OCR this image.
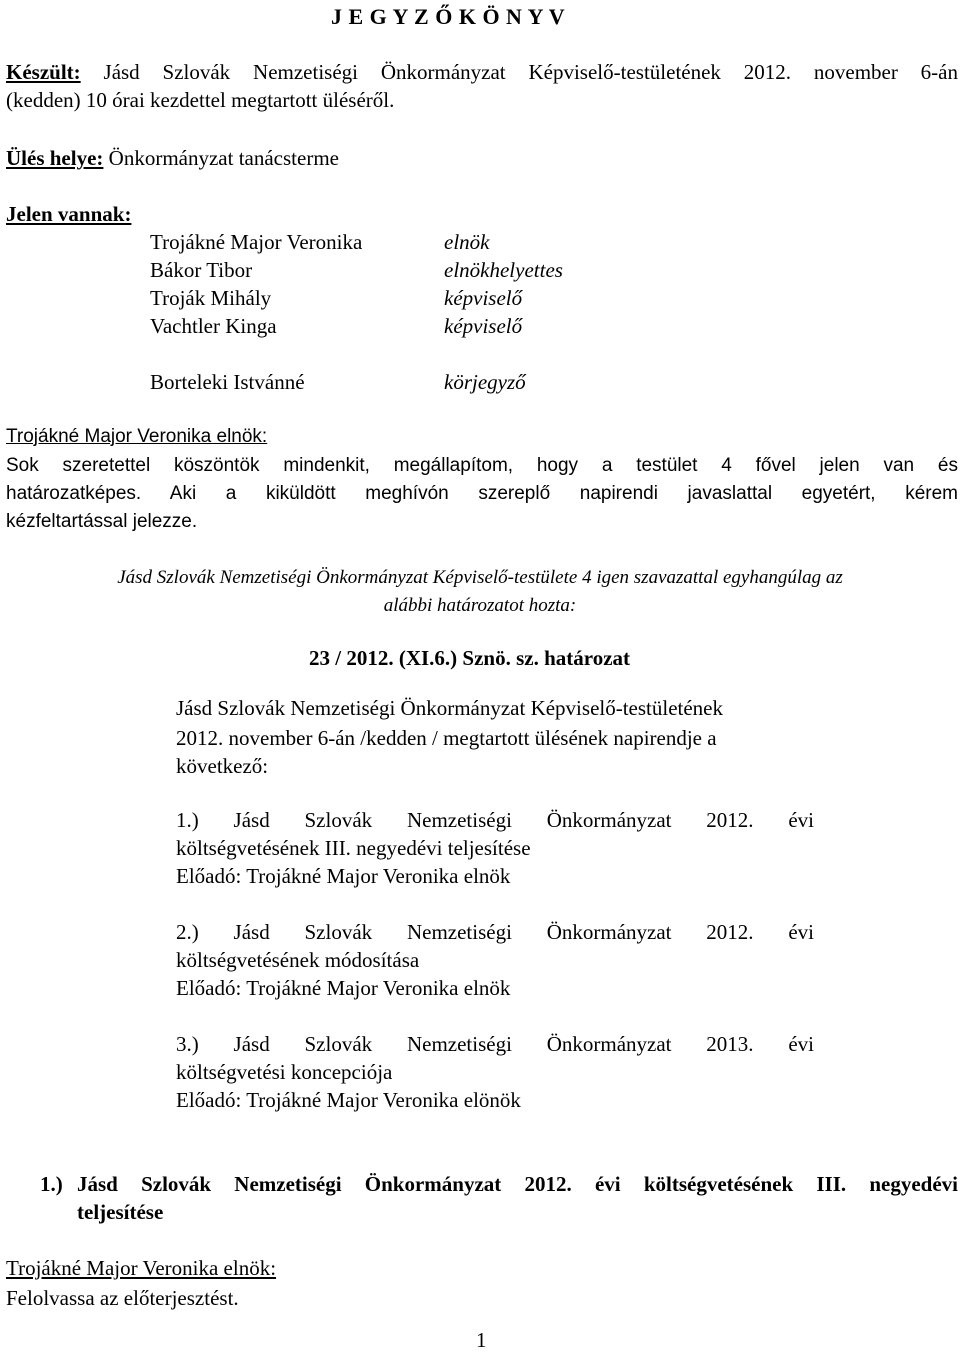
J E G Y Z Ő K Ö N Y V
Készült: Jásd Szlovák Nemzetiségi Önkormányzat Képviselő-testületének 2012. november 6-án
(kedden) 10 órai kezdettel megtartott üléséről.
Ülés helye: Önkormányzat tanácsterme
Jelen vannak:
Trojákné Major Veronika	elnök
Bákor Tibor	elnökhelyettes
Troják Mihály	képviselő
Vachtler Kinga	képviselő
Borteleki Istvánné	körjegyző
Trojákné Major Veronika elnök:
Sok szeretettel köszöntök mindenkit, megállapítom, hogy a testület 4 fővel jelen van és
határozatképes. Aki a kiküldött meghívón szereplő napirendi javaslattal egyetért, kérem
kézfeltartással jelezze.
Jásd Szlovák Nemzetiségi Önkormányzat Képviselő-testülete 4 igen szavazattal egyhangúlag az
alábbi határozatot hozta:
23 / 2012. (XI.6.) Sznö. sz. határozat
Jásd Szlovák Nemzetiségi Önkormányzat Képviselő-testületének
2012. november 6-án /kedden / megtartott ülésének napirendje a
következő:
1.) Jásd Szlovák Nemzetiségi Önkormányzat 2012. évi
költségvetésének III. negyedévi teljesítése
Előadó: Trojákné Major Veronika elnök
2.) Jásd Szlovák Nemzetiségi Önkormányzat 2012. évi
költségvetésének módosítása
Előadó: Trojákné Major Veronika elnök
3.) Jásd Szlovák Nemzetiségi Önkormányzat 2013. évi
költségvetési koncepciója
Előadó: Trojákné Major Veronika elönök
1.) Jásd Szlovák Nemzetiségi Önkormányzat 2012. évi költségvetésének III. negyedévi
teljesítése
Trojákné Major Veronika elnök:
Felolvassa az előterjesztést.
1
